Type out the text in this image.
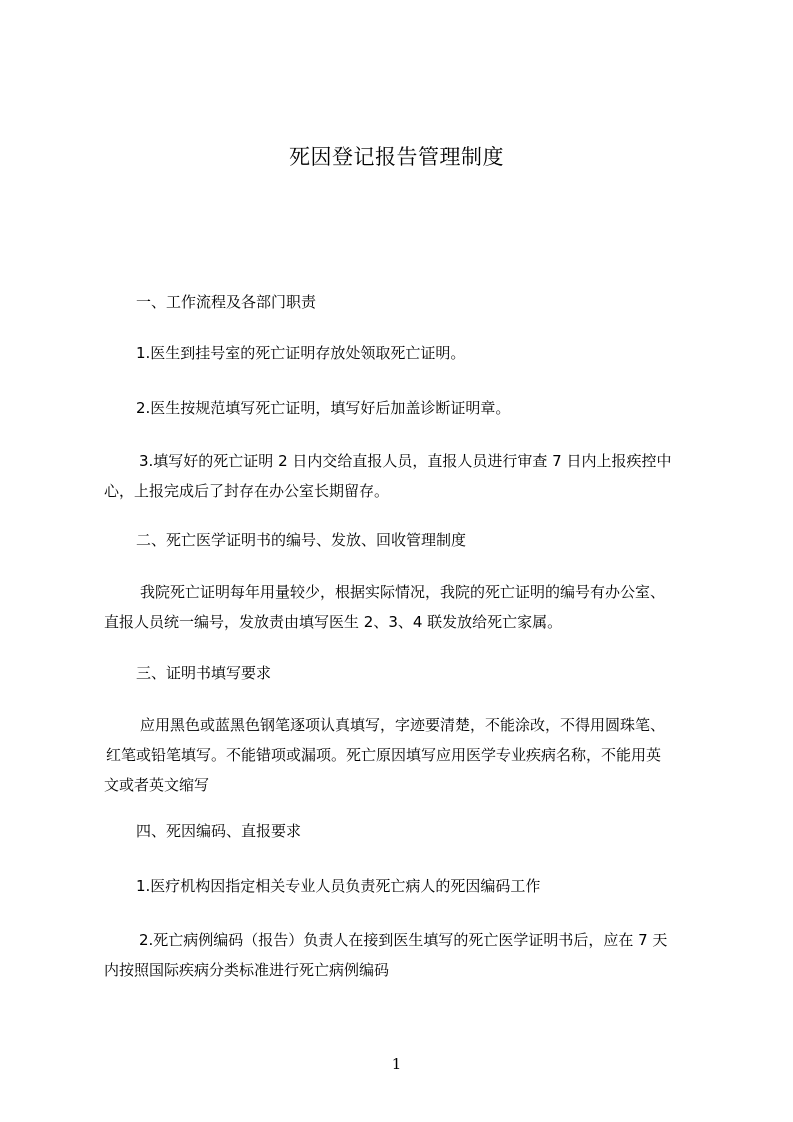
死因登记报告管理制度
一、工作流程及各部门职责
1.医生到挂号室的死亡证明存放处领取死亡证明。
2.医生按规范填写死亡证明，填写好后加盖诊断证明章。
3.填写好的死亡证明 2 日内交给直报人员，直报人员进行审查 7 日内上报疾控中
心，上报完成后了封存在办公室长期留存。
二、死亡医学证明书的编号、发放、回收管理制度
我院死亡证明每年用量较少，根据实际情况，我院的死亡证明的编号有办公室、
直报人员统一编号，发放责由填写医生 2、3、4 联发放给死亡家属。
三、证明书填写要求
应用黑色或蓝黑色钢笔逐项认真填写，字迹要清楚，不能涂改，不得用圆珠笔、
红笔或铅笔填写。不能错项或漏项。死亡原因填写应用医学专业疾病名称，不能用英
文或者英文缩写
四、死因编码、直报要求
1.医疗机构因指定相关专业人员负责死亡病人的死因编码工作
2.死亡病例编码（报告）负责人在接到医生填写的死亡医学证明书后，应在 7 天
内按照国际疾病分类标准进行死亡病例编码
1
